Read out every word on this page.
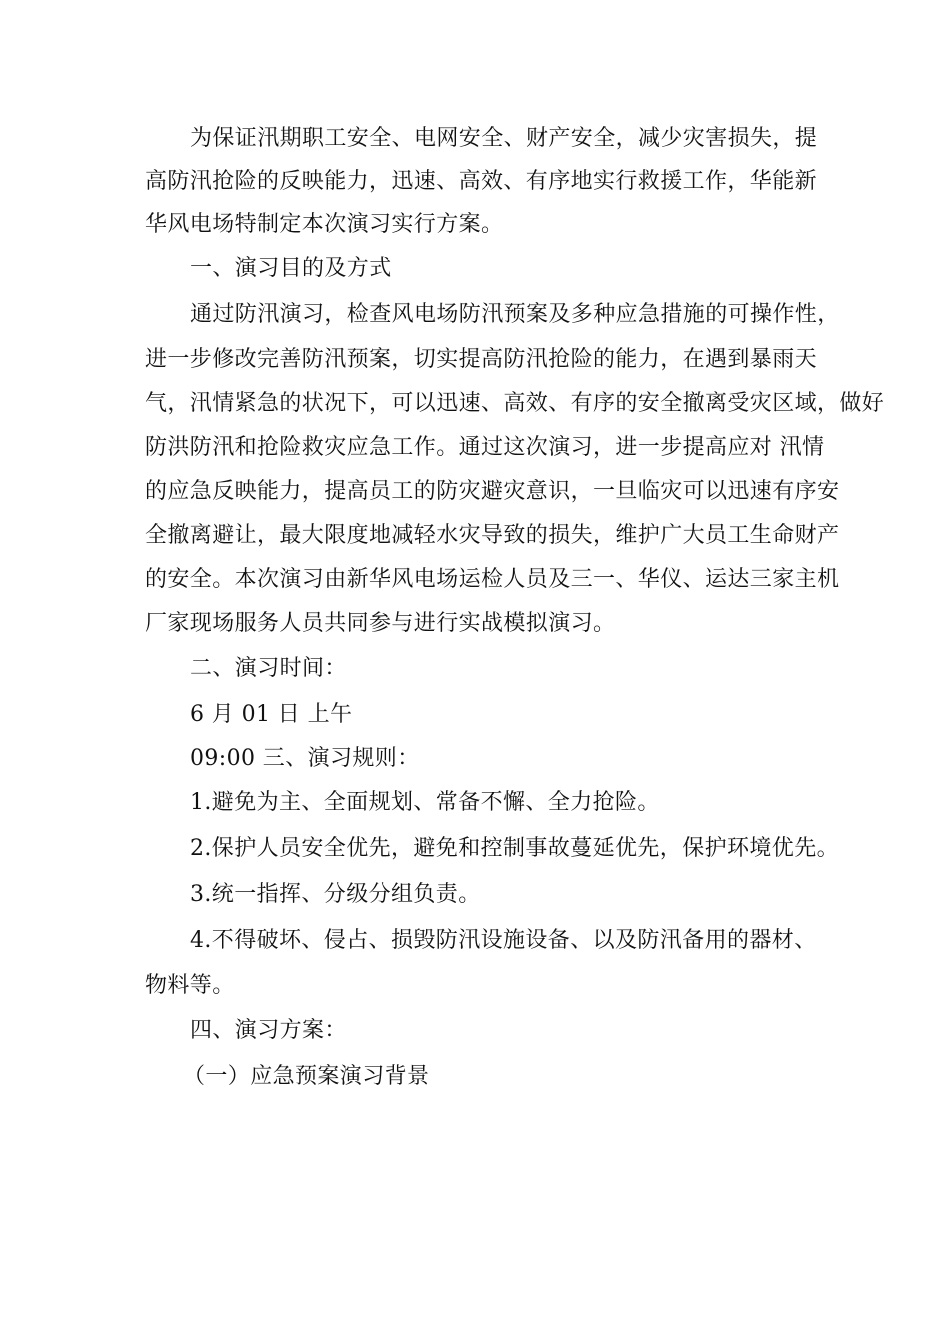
为保证汛期职工安全、电网安全、财产安全，减少灾害损失，提
高防汛抢险的反映能力，迅速、高效、有序地实行救援工作，华能新
华风电场特制定本次演习实行方案。
一、演习目的及方式
通过防汛演习，检查风电场防汛预案及多种应急措施的可操作性，
进一步修改完善防汛预案，切实提高防汛抢险的能力，在遇到暴雨天
气，汛情紧急的状况下，可以迅速、高效、有序的安全撤离受灾区域，做好
防洪防汛和抢险救灾应急工作。通过这次演习，进一步提高应对 汛情
的应急反映能力，提高员工的防灾避灾意识，一旦临灾可以迅速有序安
全撤离避让，最大限度地减轻水灾导致的损失，维护广大员工生命财产
的安全。本次演习由新华风电场运检人员及三一、华仪、运达三家主机
厂家现场服务人员共同参与进行实战模拟演习。
二、演习时间：
6 月 01 日 上午
09:00 三、演习规则：
1.避免为主、全面规划、常备不懈、全力抢险。
2.保护人员安全优先，避免和控制事故蔓延优先，保护环境优先。
3.统一指挥、分级分组负责。
4.不得破坏、侵占、损毁防汛设施设备、以及防汛备用的器材、
物料等。
四、演习方案：
（一）应急预案演习背景
